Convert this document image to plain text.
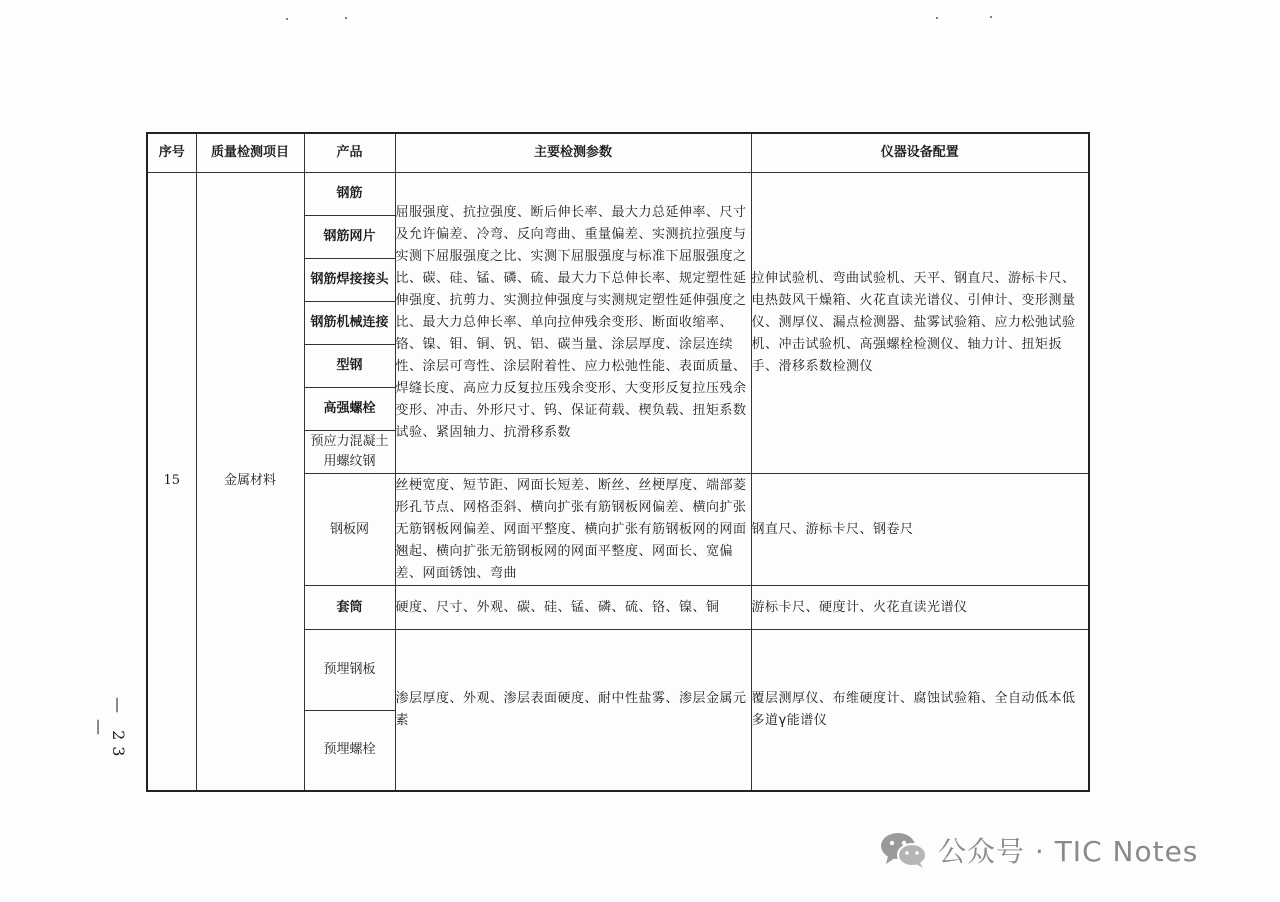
序号	质量检测项目	产品	主要检测参数	仪器设备配置
15	金属材料	钢筋	屈服强度、抗拉强度、断后伸长率、最大力总延伸率、尺寸及允许偏差、冷弯、反向弯曲、重量偏差、实测抗拉强度与实测下屈服强度之比、实测下屈服强度与标准下屈服强度之比、碳、硅、锰、磷、硫、最大力下总伸长率、规定塑性延伸强度、抗剪力、实测拉伸强度与实测规定塑性延伸强度之比、最大力总伸长率、单向拉伸残余变形、断面收缩率、铬、镍、钼、铜、钒、铝、碳当量、涂层厚度、涂层连续性、涂层可弯性、涂层附着性、应力松弛性能、表面质量、焊缝长度、高应力反复拉压残余变形、大变形反复拉压残余变形、冲击、外形尺寸、钨、保证荷载、楔负载、扭矩系数试验、紧固轴力、抗滑移系数	拉伸试验机、弯曲试验机、天平、钢直尺、游标卡尺、电热鼓风干燥箱、火花直读光谱仪、引伸计、变形测量仪、测厚仪、漏点检测器、盐雾试验箱、应力松弛试验机、冲击试验机、高强螺栓检测仪、轴力计、扭矩扳手、滑移系数检测仪
		钢筋网片		
		钢筋焊接接头		
		钢筋机械连接		
		型钢		
		高强螺栓		
		预应力混凝土用螺纹钢		
		钢板网	丝梗宽度、短节距、网面长短差、断丝、丝梗厚度、端部菱形孔节点、网格歪斜、横向扩张有筋钢板网偏差、横向扩张无筋钢板网偏差、网面平整度、横向扩张有筋钢板网的网面翘起、横向扩张无筋钢板网的网面平整度、网面长、宽偏差、网面锈蚀、弯曲	钢直尺、游标卡尺、钢卷尺
		套筒	硬度、尺寸、外观、碳、硅、锰、磷、硫、铬、镍、铜	游标卡尺、硬度计、火花直读光谱仪
		预埋钢板	渗层厚度、外观、渗层表面硬度、耐中性盐雾、渗层金属元素	覆层测厚仪、布维硬度计、腐蚀试验箱、全自动低本低多道γ能谱仪
		预埋螺栓		
— 23 —
公众号 · TIC Notes
